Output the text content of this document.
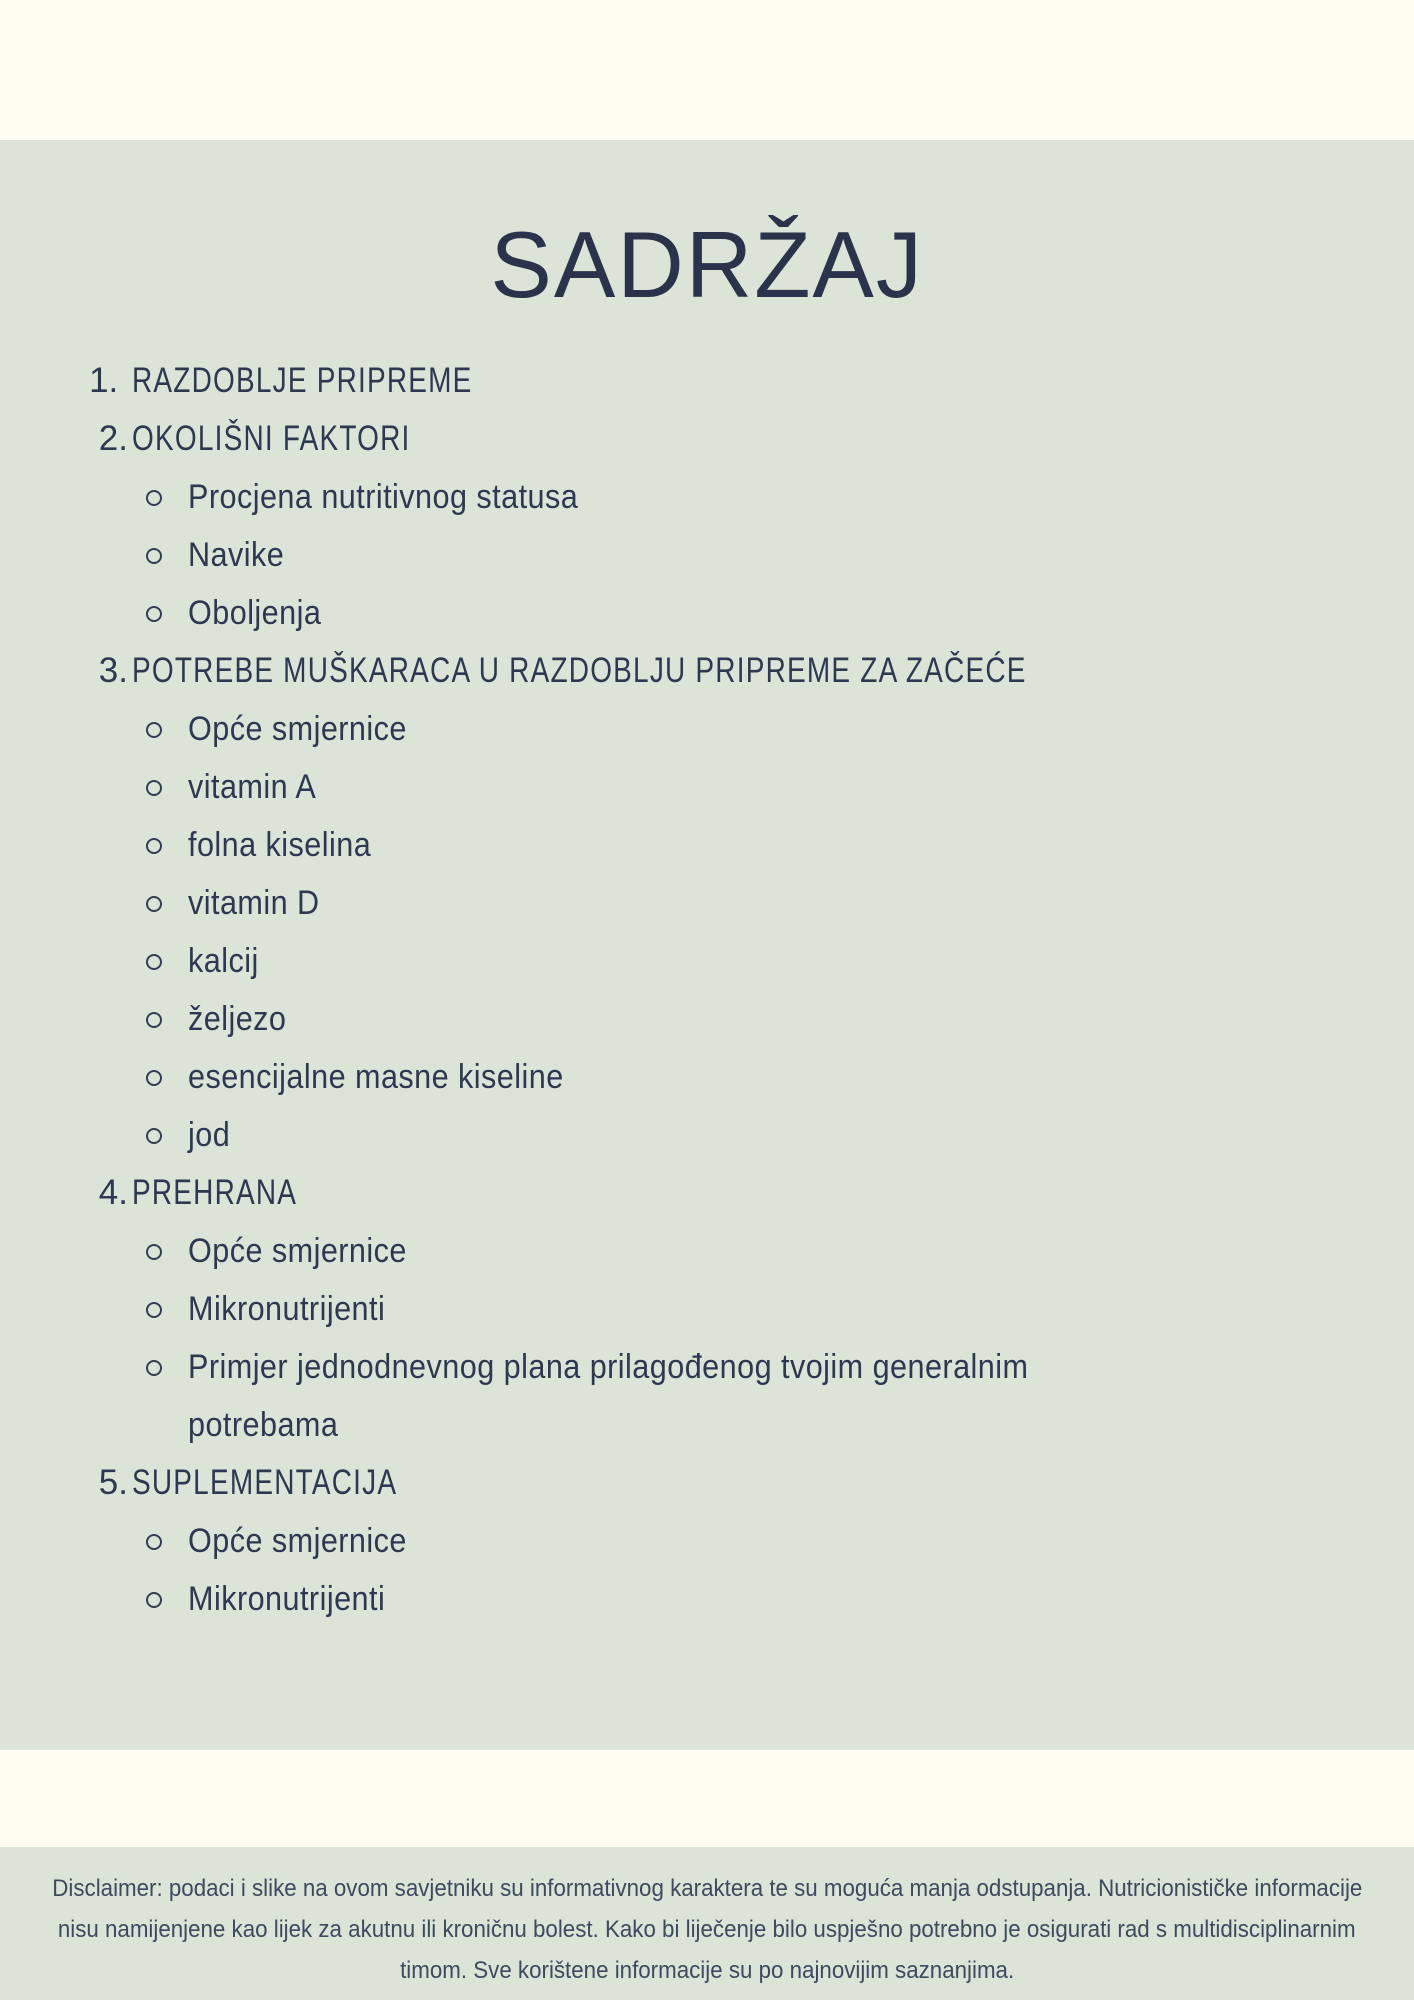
SADRŽAJ
1. RAZDOBLJE PRIPREME
2. OKOLIŠNI FAKTORI
Procjena nutritivnog statusa
Navike
Oboljenja
3. POTREBE MUŠKARACA U RAZDOBLJU PRIPREME ZA ZAČEĆE
Opće smjernice
vitamin A
folna kiselina
vitamin D
kalcij
željezo
esencijalne masne kiseline
jod
4. PREHRANA
Opće smjernice
Mikronutrijenti
Primjer jednodnevnog plana prilagođenog tvojim generalnim potrebama
5. SUPLEMENTACIJA
Opće smjernice
Mikronutrijenti
Disclaimer: podaci i slike na ovom savjetniku su informativnog karaktera te su moguća manja odstupanja. Nutricionističke informacije
nisu namijenjene kao lijek za akutnu ili kroničnu bolest. Kako bi liječenje bilo uspješno potrebno je osigurati rad s multidisciplinarnim
timom. Sve korištene informacije su po najnovijim saznanjima.
